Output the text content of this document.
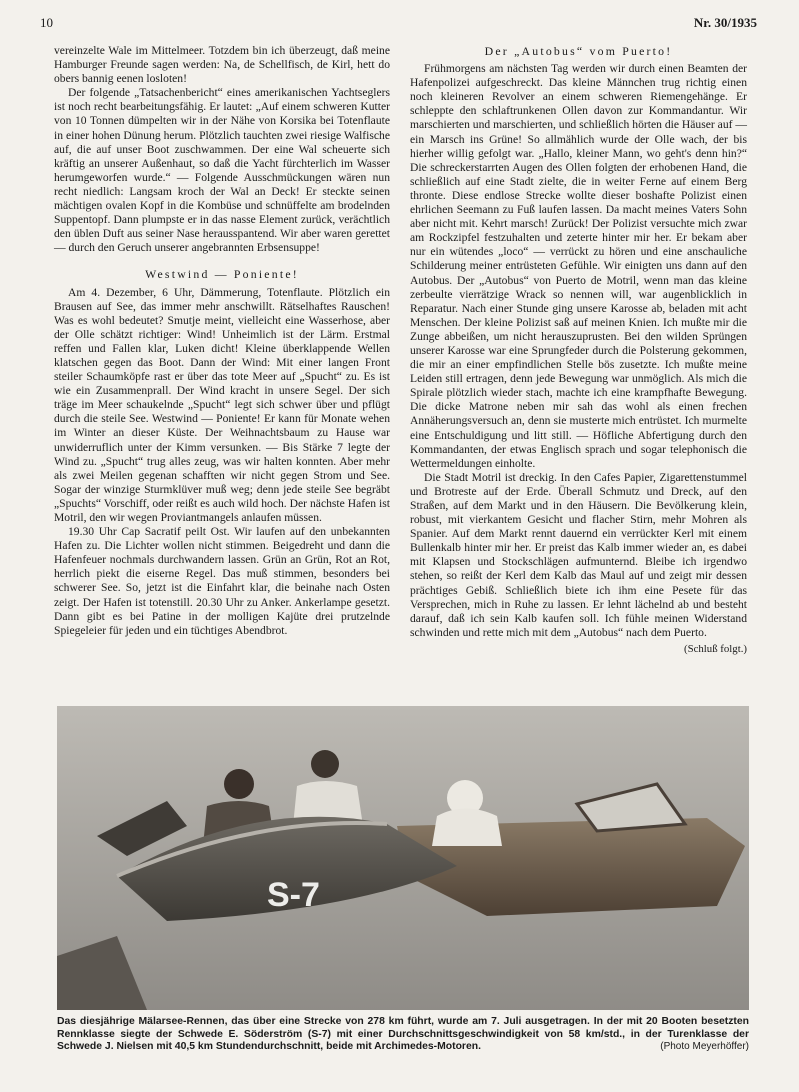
10	Nr. 30/1935

vereinzelte Wale im Mittelmeer. Totzdem bin ich überzeugt, daß meine Hamburger Freunde sagen werden: Na, de Schellfisch, de Kirl, hett do obers bannig eenen losloten!

Der folgende „Tatsachenbericht“ eines amerikanischen Yachtseglers ist noch recht bearbeitungsfähig. Er lautet: „Auf einem schweren Kutter von 10 Tonnen dümpelten wir in der Nähe von Korsika bei Totenflaute in einer hohen Dünung herum. Plötzlich tauchten zwei riesige Walfische auf, die auf unser Boot zuschwammen. Der eine Wal scheuerte sich kräftig an unserer Außenhaut, so daß die Yacht fürchterlich im Wasser herumgeworfen wurde.“ — Folgende Ausschmückungen wären nun recht niedlich: Langsam kroch der Wal an Deck! Er steckte seinen mächtigen ovalen Kopf in die Kombüse und schnüffelte am brodelnden Suppentopf. Dann plumpste er in das nasse Element zurück, verächtlich den üblen Duft aus seiner Nase herausspantend. Wir aber waren gerettet — durch den Geruch unserer angebrannten Erbsensuppe!

Westwind — Poniente!

Am 4. Dezember, 6 Uhr, Dämmerung, Totenflaute. Plötzlich ein Brausen auf See, das immer mehr anschwillt. Rätselhaftes Rauschen! Was es wohl bedeutet? Smutje meint, vielleicht eine Wasserhose, aber der Olle schätzt richtiger: Wind! Unheimlich ist der Lärm. Erstmal reffen und Fallen klar, Luken dicht! Kleine überklappende Wellen klatschen gegen das Boot. Dann der Wind: Mit einer langen Front steiler Schaumköpfe rast er über das tote Meer auf „Spucht“ zu. Es ist wie ein Zusammenprall. Der Wind kracht in unsere Segel. Der sich träge im Meer schaukelnde „Spucht“ legt sich schwer über und pflügt durch die steile See. Westwind — Poniente! Er kann für Monate wehen im Winter an dieser Küste. Der Weihnachtsbaum zu Hause war unwiderruflich unter der Kimm versunken. — Bis Stärke 7 legte der Wind zu. „Spucht“ trug alles zeug, was wir halten konnten. Aber mehr als zwei Meilen gegenan schafften wir nicht gegen Strom und See. Sogar der winzige Sturmklüver muß weg; denn jede steile See begräbt „Spuchts“ Vorschiff, oder reißt es auch wild hoch. Der nächste Hafen ist Motril, den wir wegen Proviantmangels anlaufen müssen.

19.30 Uhr Cap Sacratif peilt Ost. Wir laufen auf den unbekannten Hafen zu. Die Lichter wollen nicht stimmen. Beigedreht und dann die Hafenfeuer nochmals durchwandern lassen. Grün an Grün, Rot an Rot, herrlich piekt die eiserne Regel. Das muß stimmen, besonders bei schwerer See. So, jetzt ist die Einfahrt klar, die beinahe nach Osten zeigt. Der Hafen ist totenstill. 20.30 Uhr zu Anker. Ankerlampe gesetzt. Dann gibt es bei Patine in der molligen Kajüte drei prutzelnde Spiegeleier für jeden und ein tüchtiges Abendbrot.

Der „Autobus“ vom Puerto!

Frühmorgens am nächsten Tag werden wir durch einen Beamten der Hafenpolizei aufgeschreckt. Das kleine Männchen trug richtig einen noch kleineren Revolver an einem schweren Riemengehänge. Er schleppte den schlaftrunkenen Ollen davon zur Kommandantur. Wir marschierten und marschierten, und schließlich hörten die Häuser auf — ein Marsch ins Grüne! So allmählich wurde der Olle wach, der bis hierher willig gefolgt war. „Hallo, kleiner Mann, wo geht's denn hin?“ Die schreckerstarrten Augen des Ollen folgten der erhobenen Hand, die schließlich auf eine Stadt zielte, die in weiter Ferne auf einem Berg thronte. Diese endlose Strecke wollte dieser boshafte Polizist einen ehrlichen Seemann zu Fuß laufen lassen. Da macht meines Vaters Sohn aber nicht mit. Kehrt marsch! Zurück! Der Polizist versuchte mich zwar am Rockzipfel festzuhalten und zeterte hinter mir her. Er bekam aber nur ein wütendes „loco“ — verrückt zu hören und eine anschauliche Schilderung meiner entrüsteten Gefühle. Wir einigten uns dann auf den Autobus. Der „Autobus“ von Puerto de Motril, wenn man das kleine zerbeulte vierrätzige Wrack so nennen will, war augenblicklich in Reparatur. Nach einer Stunde ging unsere Karosse ab, beladen mit acht Menschen. Der kleine Polizist saß auf meinen Knien. Ich mußte mir die Zunge abbeißen, um nicht herauszuprusten. Bei den wilden Sprüngen unserer Karosse war eine Sprungfeder durch die Polsterung gekommen, die mir an einer empfindlichen Stelle bös zusetzte. Ich mußte meine Leiden still ertragen, denn jede Bewegung war unmöglich. Als mich die Spirale plötzlich wieder stach, machte ich eine krampfhafte Bewegung. Die dicke Matrone neben mir sah das wohl als einen frechen Annäherungsversuch an, denn sie musterte mich entrüstet. Ich murmelte eine Entschuldigung und litt still. — Höfliche Abfertigung durch den Kommandanten, der etwas Englisch sprach und sogar telephonisch die Wettermeldungen einholte.

Die Stadt Motril ist dreckig. In den Cafes Papier, Zigarettenstummel und Brotreste auf der Erde. Überall Schmutz und Dreck, auf den Straßen, auf dem Markt und in den Häusern. Die Bevölkerung klein, robust, mit vierkantem Gesicht und flacher Stirn, mehr Mohren als Spanier. Auf dem Markt rennt dauernd ein verrückter Kerl mit einem Bullenkalb hinter mir her. Er preist das Kalb immer wieder an, es dabei mit Klapsen und Stockschlägen aufmunternd. Bleibe ich irgendwo stehen, so reißt der Kerl dem Kalb das Maul auf und zeigt mir dessen prächtiges Gebiß. Schließlich biete ich ihm eine Pesete für das Versprechen, mich in Ruhe zu lassen. Er lehnt lächelnd ab und besteht darauf, daß ich sein Kalb kaufen soll. Ich fühle meinen Widerstand schwinden und rette mich mit dem „Autobus“ nach dem Puerto.

(Schluß folgt.)
S-7
Das diesjährige Mälarsee-Rennen, das über eine Strecke von 278 km führt, wurde am 7. Juli ausgetragen. In der mit 20 Booten besetzten Rennklasse siegte der Schwede E. Söderström (S-7) mit einer Durchschnittsgeschwindigkeit von 58 km/std., in der Turenklasse der Schwede J. Nielsen mit 40,5 km Stundendurchschnitt, beide mit Archimedes-Motoren.	(Photo Meyerhöffer)
